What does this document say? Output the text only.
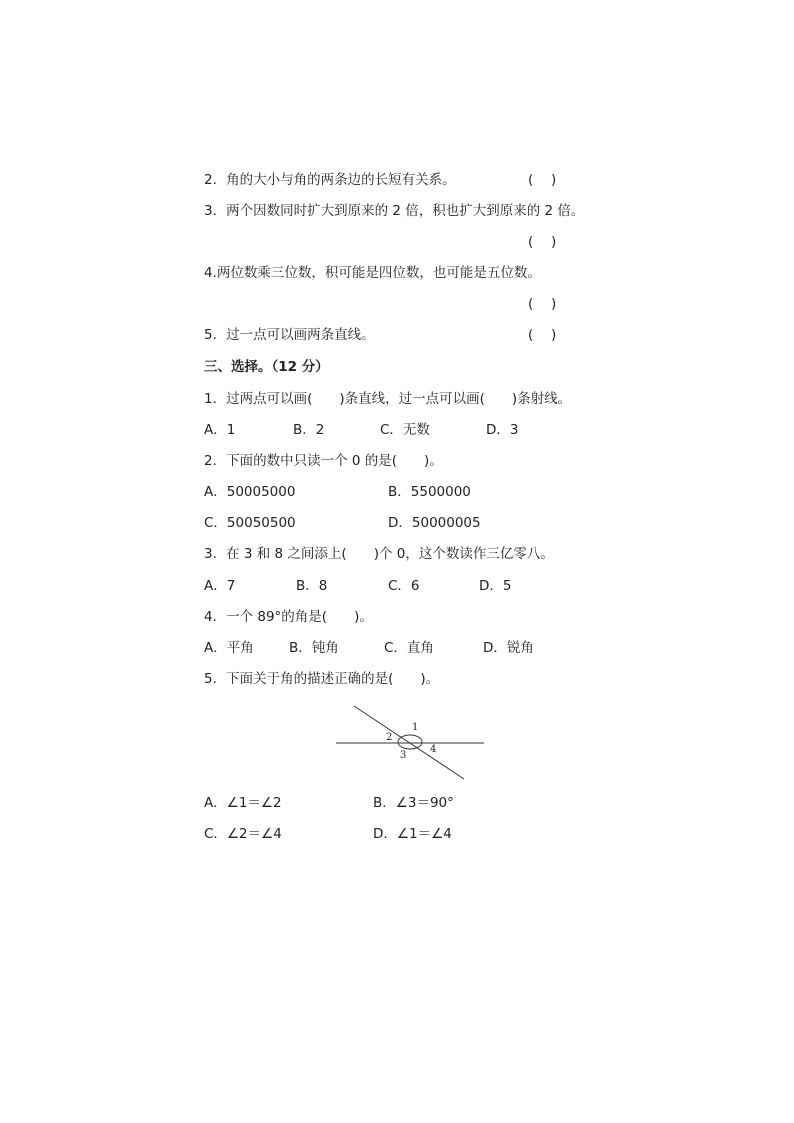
2．角的大小与角的两条边的长短有关系。	(　 )
3．两个因数同时扩大到原来的 2 倍，积也扩大到原来的 2 倍。
(　 )
4.两位数乘三位数，积可能是四位数，也可能是五位数。
(　 )
5．过一点可以画两条直线。	(　 )
三、选择。（12 分）
1．过两点可以画(　　)条直线，过一点可以画(　　)条射线。
A．1	B．2	C．无数	D．3
2．下面的数中只读一个 0 的是(　　)。
A．50005000	B．5500000
C．50050500	D．50000005
3．在 3 和 8 之间添上(　　)个 0，这个数读作三亿零八。
A．7	B．8	C．6	D．5
4．一个 89°的角是(　　)。
A．平角	B．钝角	C．直角	D．锐角
5．下面关于角的描述正确的是(　　)。
1
2
3
4
A．∠1＝∠2	B．∠3＝90°
C．∠2＝∠4	D．∠1＝∠4
